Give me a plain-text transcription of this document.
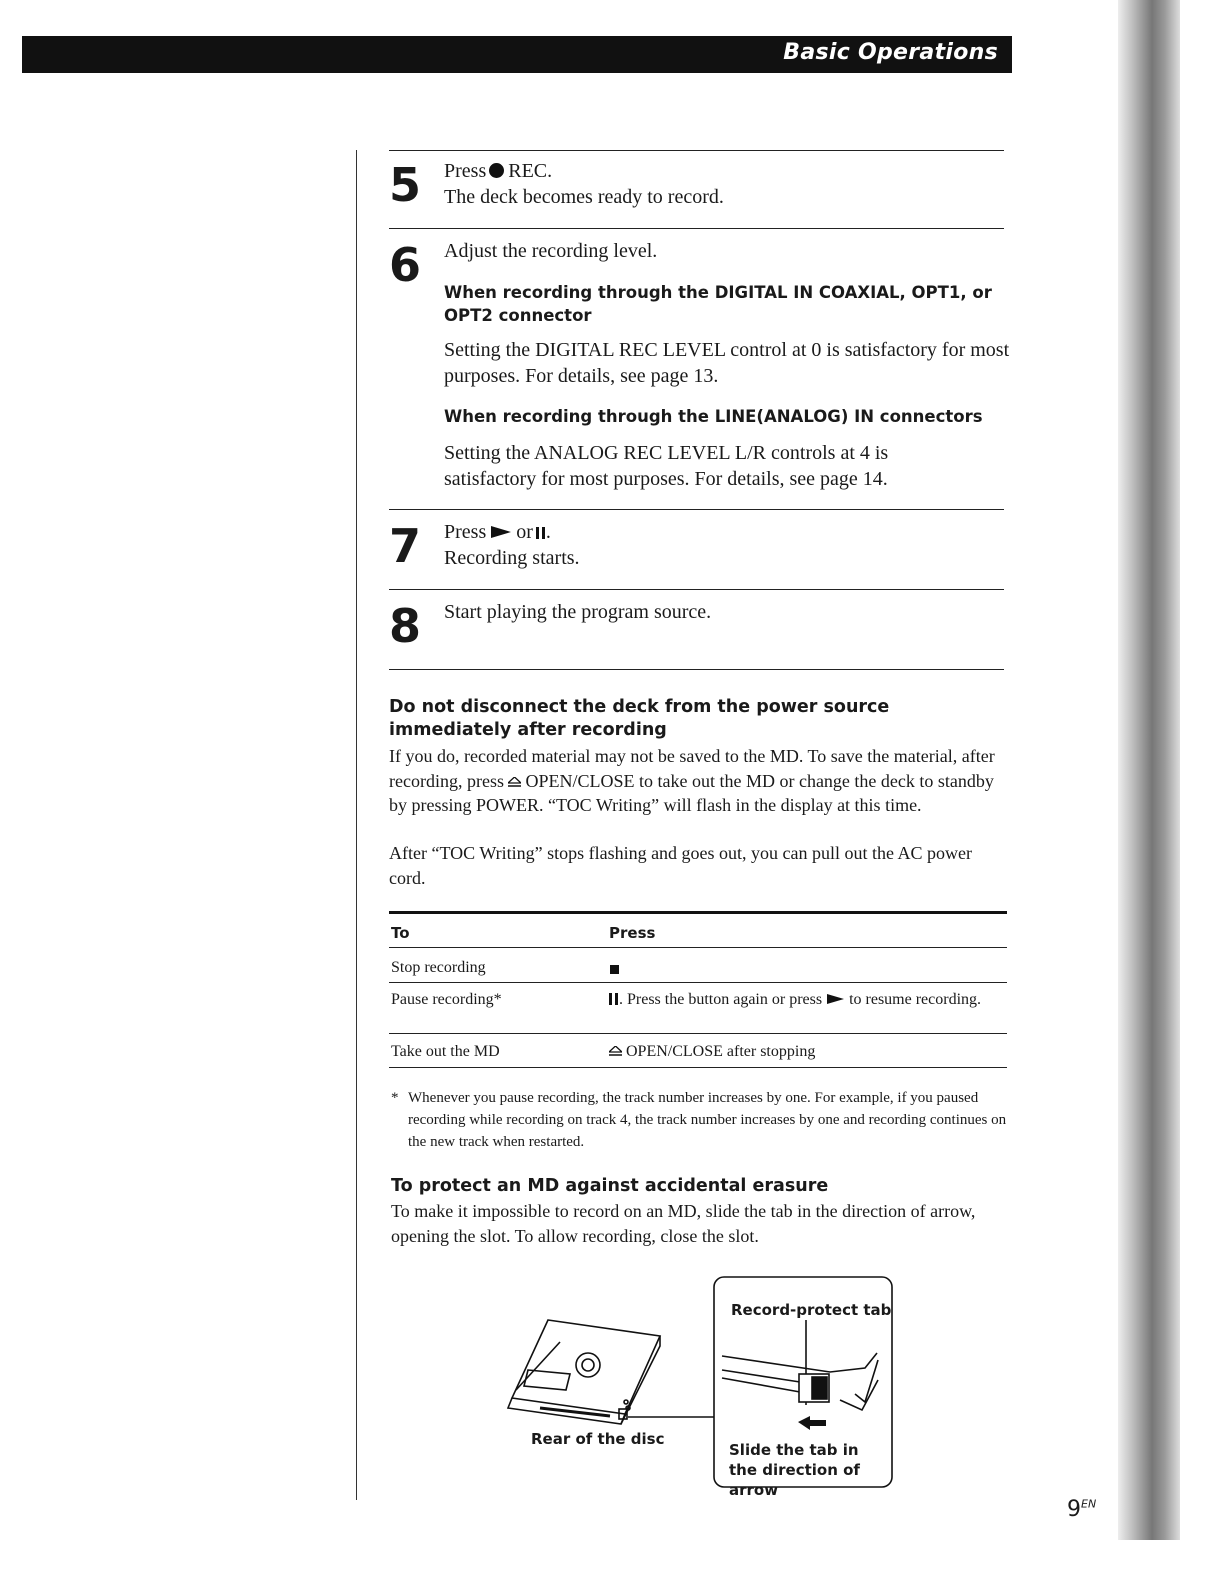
Basic Operations
5 Press REC.
The deck becomes ready to record.
6 Adjust the recording level.
When recording through the DIGITAL IN COAXIAL, OPT1, or OPT2 connector
Setting the DIGITAL REC LEVEL control at 0 is satisfactory for most purposes. For details, see page 13.
When recording through the LINE(ANALOG) IN connectors
Setting the ANALOG REC LEVEL L/R controls at 4 is satisfactory for most purposes. For details, see page 14.
7 Press or .
Recording starts.
8 Start playing the program source.
Do not disconnect the deck from the power source immediately after recording
If you do, recorded material may not be saved to the MD. To save the material, after recording, press OPEN/CLOSE to take out the MD or change the deck to standby by pressing POWER. “TOC Writing” will flash in the display at this time.
After “TOC Writing” stops flashing and goes out, you can pull out the AC power cord.
To	Press
Stop recording
Pause recording*	. Press the button again or press to resume recording.
Take out the MD	OPEN/CLOSE after stopping
* Whenever you pause recording, the track number increases by one. For example, if you paused recording while recording on track 4, the track number increases by one and recording continues on the new track when restarted.
To protect an MD against accidental erasure
To make it impossible to record on an MD, slide the tab in the direction of arrow, opening the slot. To allow recording, close the slot.
Rear of the disc
Record-protect tab
Slide the tab in the direction of arrow
$9^{EN}$
